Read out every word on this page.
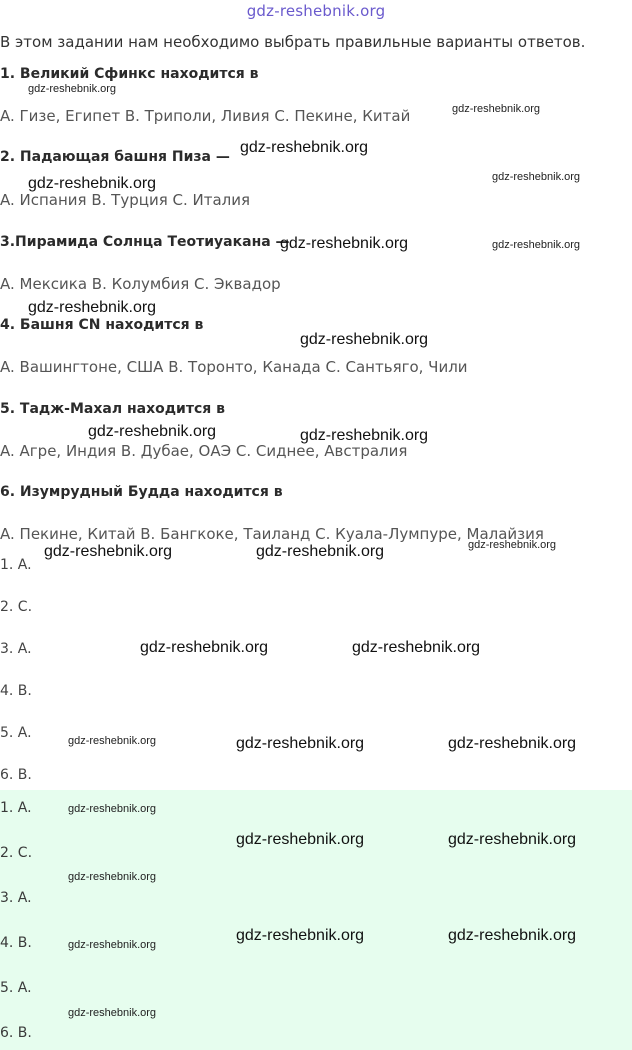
gdz-reshebnik.org
В этом задании нам необходимо выбрать правильные варианты ответов.
1. Великий Сфинкс находится в
A. Гизе, Египет B. Триполи, Ливия C. Пекине, Китай
2. Падающая башня Пиза —
A. Испания B. Турция C. Италия
3.Пирамида Солнца Теотиуакана —
A. Мексика B. Колумбия C. Эквадор
4. Башня CN находится в
A. Вашингтоне, США B. Торонто, Канада C. Сантьяго, Чили
5. Тадж-Махал находится в
A. Агре, Индия B. Дубае, ОАЭ C. Сиднее, Австралия
6. Изумрудный Будда находится в
A. Пекине, Китай B. Бангкоке, Таиланд C. Куала-Лумпуре, Малайзия
1. A.
2. C.
3. A.
4. B.
5. A.
6. B.
1. A.
2. C.
3. A.
4. B.
5. A.
6. B.
gdz-reshebnik.org
gdz-reshebnik.org
gdz-reshebnik.org
gdz-reshebnik.org
gdz-reshebnik.org
gdz-reshebnik.org	gdz-reshebnik.org
gdz-reshebnik.org	gdz-reshebnik.org
gdz-reshebnik.org	gdz-reshebnik.org
gdz-reshebnik.org	gdz-reshebnik.org
gdz-reshebnik.org	gdz-reshebnik.org
gdz-reshebnik.org	gdz-reshebnik.org
gdz-reshebnik.org
gdz-reshebnik.org
gdz-reshebnik.org
gdz-reshebnik.org
gdz-reshebnik.org
gdz-reshebnik.org
gdz-reshebnik.org
gdz-reshebnik.org
gdz-reshebnik.org
gdz-reshebnik.org
